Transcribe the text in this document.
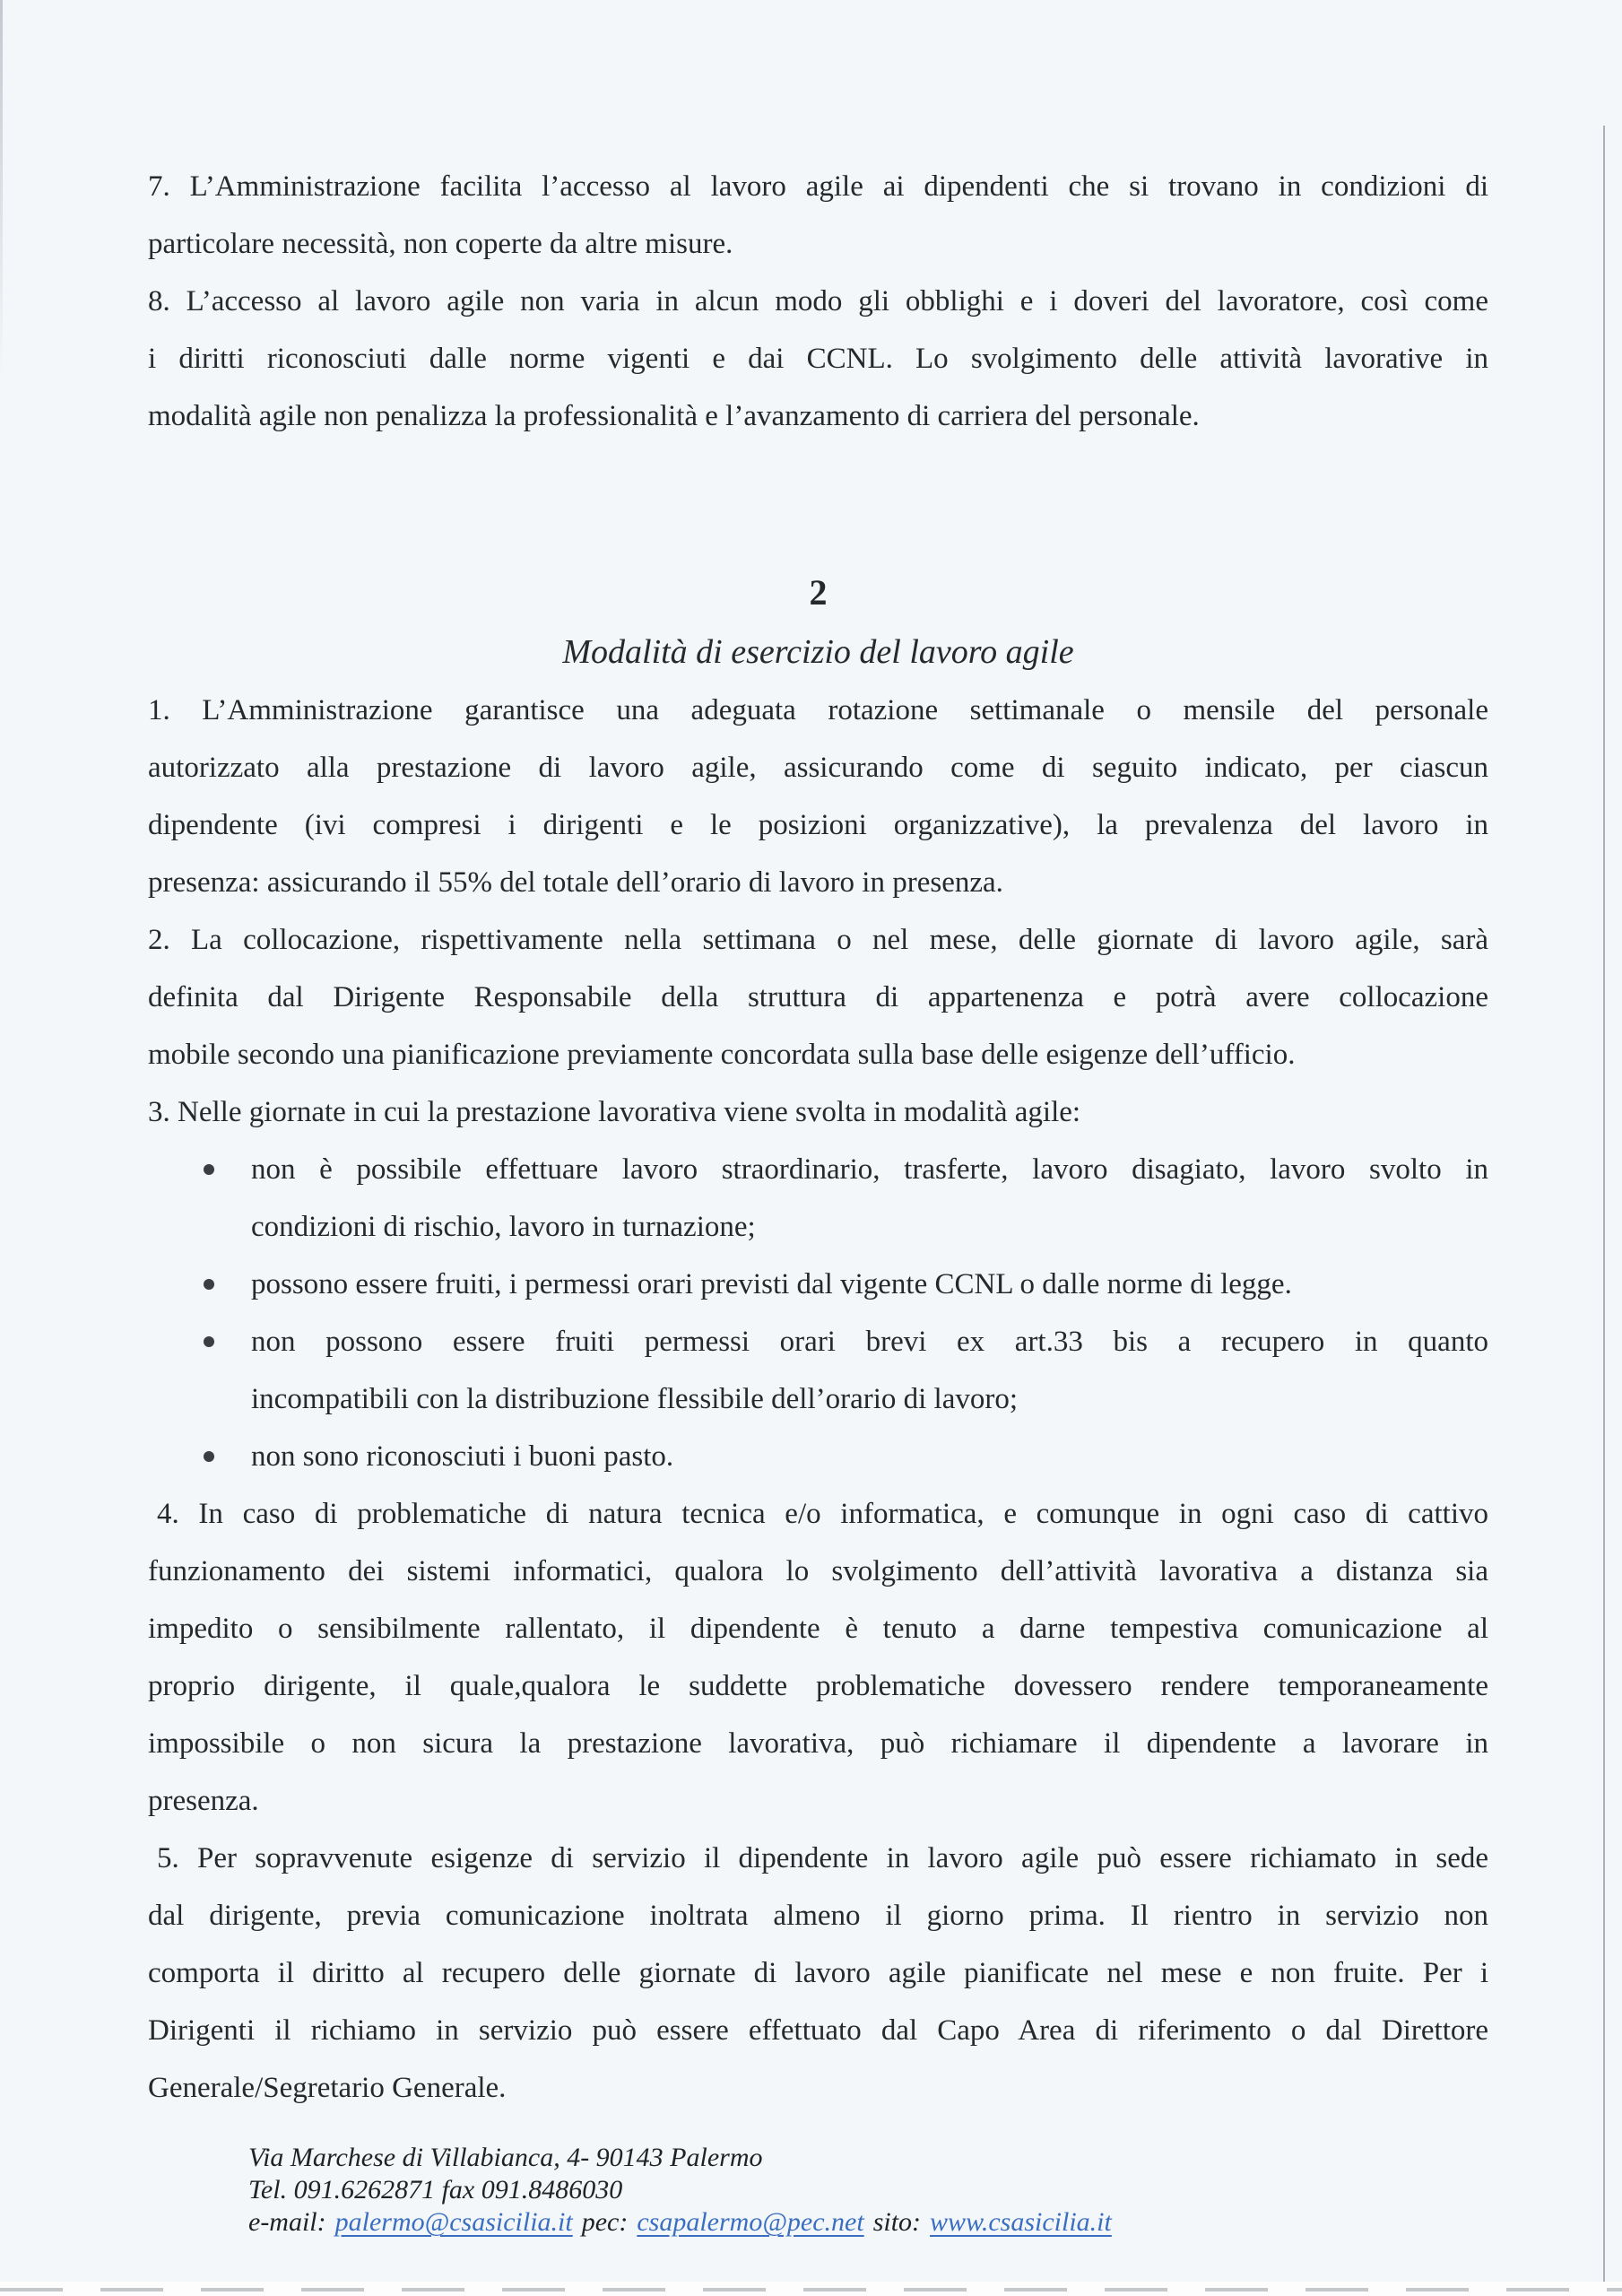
7. L’Amministrazione facilita l’accesso al lavoro agile ai dipendenti che si trovano in condizioni di

particolare necessità, non coperte da altre misure.

8. L’accesso al lavoro agile non varia in alcun modo gli obblighi e i doveri del lavoratore, così come

i diritti riconosciuti dalle norme vigenti e dai CCNL. Lo svolgimento delle attività lavorative in

modalità agile non penalizza la professionalità e l’avanzamento di carriera del personale.

2
Modalità di esercizio del lavoro agile

1. L’Amministrazione garantisce una adeguata rotazione settimanale o mensile del personale

autorizzato alla prestazione di lavoro agile, assicurando come di seguito indicato, per ciascun

dipendente (ivi compresi i dirigenti e le posizioni organizzative), la prevalenza del lavoro in

presenza: assicurando il 55% del totale dell’orario di lavoro in presenza.

2. La collocazione, rispettivamente nella settimana o nel mese, delle giornate di lavoro agile, sarà

definita dal Dirigente Responsabile della struttura di appartenenza e potrà avere collocazione

mobile secondo una pianificazione previamente concordata sulla base delle esigenze dell’ufficio.

3. Nelle giornate in cui la prestazione lavorativa viene svolta in modalità agile:

non è possibile effettuare lavoro straordinario, trasferte, lavoro disagiato, lavoro svolto in

condizioni di rischio, lavoro in turnazione;

possono essere fruiti, i permessi orari previsti dal vigente CCNL o dalle norme di legge.

non possono essere fruiti permessi orari brevi ex art.33 bis a recupero in quanto

incompatibili con la distribuzione flessibile dell’orario di lavoro;

non sono riconosciuti i buoni pasto.

4. In caso di problematiche di natura tecnica e/o informatica, e comunque in ogni caso di cattivo

funzionamento dei sistemi informatici, qualora lo svolgimento dell’attività lavorativa a distanza sia

impedito o sensibilmente rallentato, il dipendente è tenuto a darne tempestiva comunicazione al

proprio dirigente, il quale,qualora le suddette problematiche dovessero rendere temporaneamente

impossibile o non sicura la prestazione lavorativa, può richiamare il dipendente a lavorare in

presenza.

5. Per sopravvenute esigenze di servizio il dipendente in lavoro agile può essere richiamato in sede

dal dirigente, previa comunicazione inoltrata almeno il giorno prima. Il rientro in servizio non

comporta il diritto al recupero delle giornate di lavoro agile pianificate nel mese e non fruite. Per i

Dirigenti il richiamo in servizio può essere effettuato dal Capo Area di riferimento o dal Direttore

Generale/Segretario Generale.

Via Marchese di Villabianca, 4- 90143 Palermo

Tel. 091.6262871 fax 091.8486030

e-mail: palermo@csasicilia.it pec: csapalermo@pec.net sito: www.csasicilia.it
